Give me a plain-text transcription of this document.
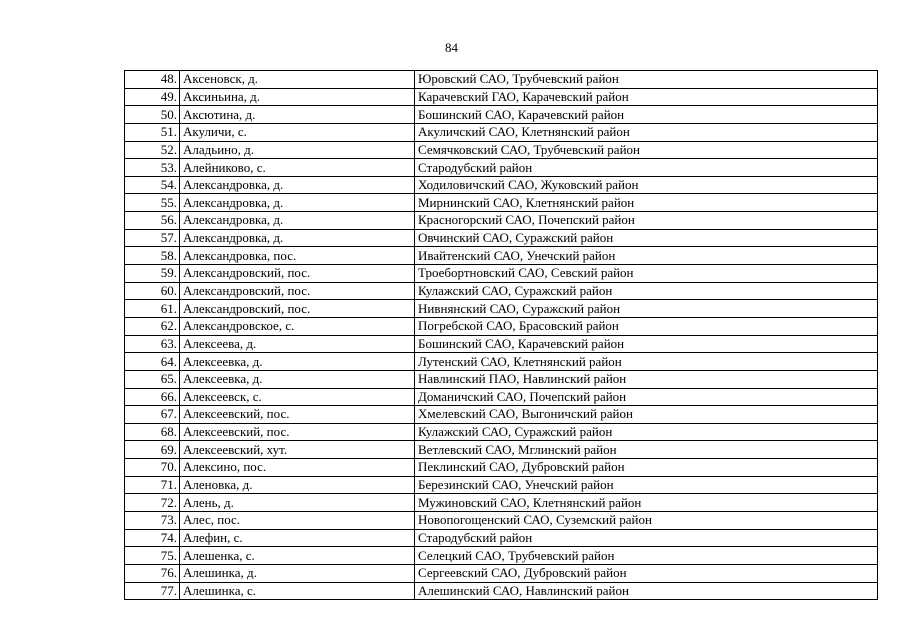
84
48.	Аксеновск, д.	Юровский САО, Трубчевский район
49.	Аксиньина, д.	Карачевский ГАО, Карачевский район
50.	Аксютина, д.	Бошинский САО, Карачевский район
51.	Акуличи, с.	Акуличский САО, Клетнянский район
52.	Аладьино, д.	Семячковский САО, Трубчевский район
53.	Алейниково, с.	Стародубский район
54.	Александровка, д.	Ходиловичский САО, Жуковский район
55.	Александровка, д.	Мирнинский САО, Клетнянский район
56.	Александровка, д.	Красногорский САО, Почепский район
57.	Александровка, д.	Овчинский САО, Суражский район
58.	Александровка, пос.	Ивайтенский САО, Унечский район
59.	Александровский, пос.	Троебортновский САО, Севский район
60.	Александровский, пос.	Кулажский САО, Суражский район
61.	Александровский, пос.	Нивнянский САО, Суражский район
62.	Александровское, с.	Погребской САО, Брасовский район
63.	Алексеева, д.	Бошинский САО, Карачевский район
64.	Алексеевка, д.	Лутенский САО, Клетнянский район
65.	Алексеевка, д.	Навлинский ПАО, Навлинский район
66.	Алексеевск, с.	Доманичский САО, Почепский район
67.	Алексеевский, пос.	Хмелевский САО, Выгоничский район
68.	Алексеевский, пос.	Кулажский САО, Суражский район
69.	Алексеевский, хут.	Ветлевский САО, Мглинский район
70.	Алексино, пос.	Пеклинский САО, Дубровский район
71.	Аленовка, д.	Березинский САО, Унечский район
72.	Алень, д.	Мужиновский САО, Клетнянский район
73.	Алес, пос.	Новопогощенский САО, Суземский район
74.	Алефин, с.	Стародубский район
75.	Алешенка, с.	Селецкий САО, Трубчевский район
76.	Алешинка, д.	Сергеевский САО, Дубровский район
77.	Алешинка, с.	Алешинский САО, Навлинский район
